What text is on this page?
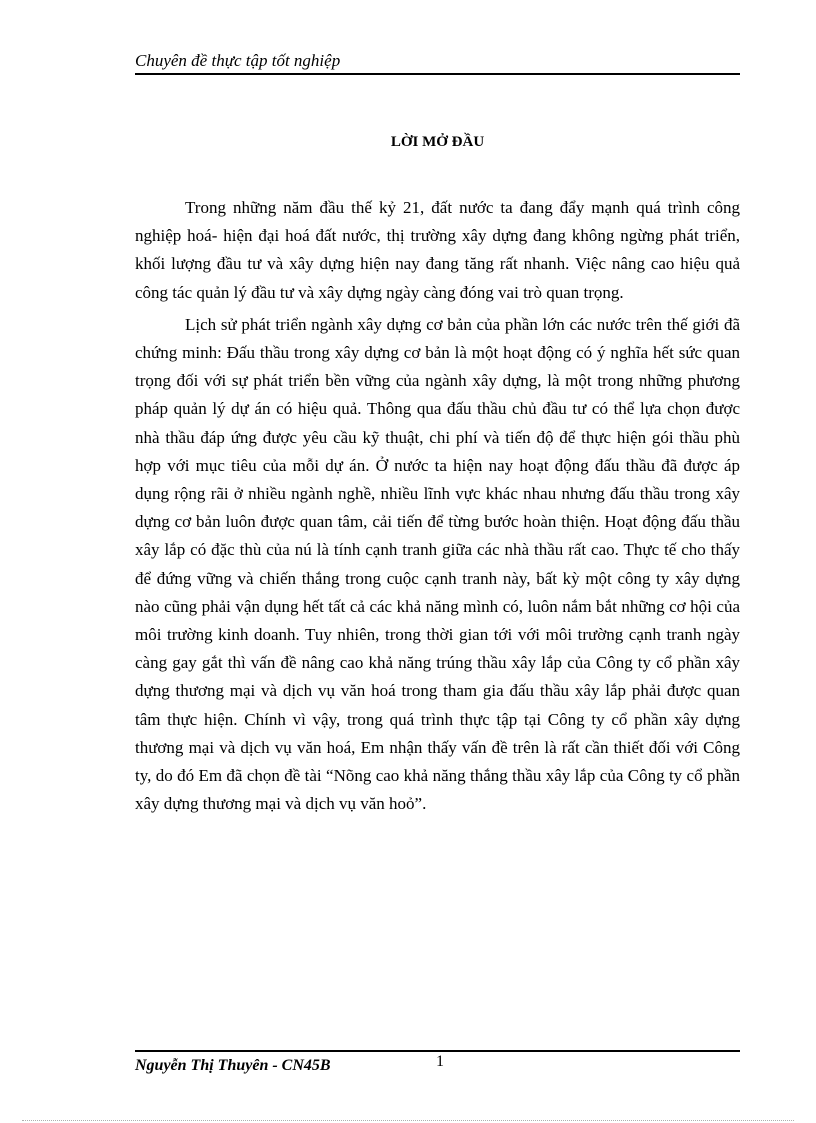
Chuyên đề thực tập tốt nghiệp
LỜI MỞ ĐẦU

Trong những năm đầu thế kỷ 21, đất nước ta đang đẩy mạnh quá trình công nghiệp hoá- hiện đại hoá đất nước, thị trường xây dựng đang không ngừng phát triển, khối lượng đầu tư và xây dựng hiện nay đang tăng rất nhanh. Việc nâng cao hiệu quả công tác quản lý đầu tư và xây dựng ngày càng đóng vai trò quan trọng.

Lịch sử phát triển ngành xây dựng cơ bản của phần lớn các nước trên thế giới đã chứng minh: Đấu thầu trong xây dựng cơ bản là một hoạt động có ý nghĩa hết sức quan trọng đối với sự phát triển bền vững của ngành xây dựng, là một trong những phương pháp quản lý dự án có hiệu quả. Thông qua đấu thầu chủ đầu tư có thể lựa chọn được nhà thầu đáp ứng được yêu cầu kỹ thuật, chi phí và tiến độ để thực hiện gói thầu phù hợp với mục tiêu của mỗi dự án. Ở nước ta hiện nay hoạt động đấu thầu đã được áp dụng rộng rãi ở nhiều ngành nghề, nhiều lĩnh vực khác nhau nhưng đấu thầu trong xây dựng cơ bản luôn được quan tâm, cải tiến để từng bước hoàn thiện. Hoạt động đấu thầu xây lắp có đặc thù của nú là tính cạnh tranh giữa các nhà thầu rất cao. Thực tế cho thấy để đứng vững và chiến thắng trong cuộc cạnh tranh này, bất kỳ một công ty xây dựng nào cũng phải vận dụng hết tất cả các khả năng mình có, luôn nắm bắt những cơ hội của môi trường kinh doanh. Tuy nhiên, trong thời gian tới với môi trường cạnh tranh ngày càng gay gắt thì vấn đề nâng cao khả năng trúng thầu xây lắp của Công ty cổ phần xây dựng thương mại và dịch vụ văn hoá trong tham gia đấu thầu xây lắp phải được quan tâm thực hiện. Chính vì vậy, trong quá trình thực tập tại Công ty cổ phần xây dựng thương mại và dịch vụ văn hoá, Em nhận thấy vấn đề trên là rất cần thiết đối với Công ty, do đó Em đã chọn đề tài “Nõng cao khả năng thắng thầu xây lắp của Công ty cổ phần xây dựng thương mại và dịch vụ văn hoỏ”.

Nguyễn Thị Thuyên - CN45B	1
